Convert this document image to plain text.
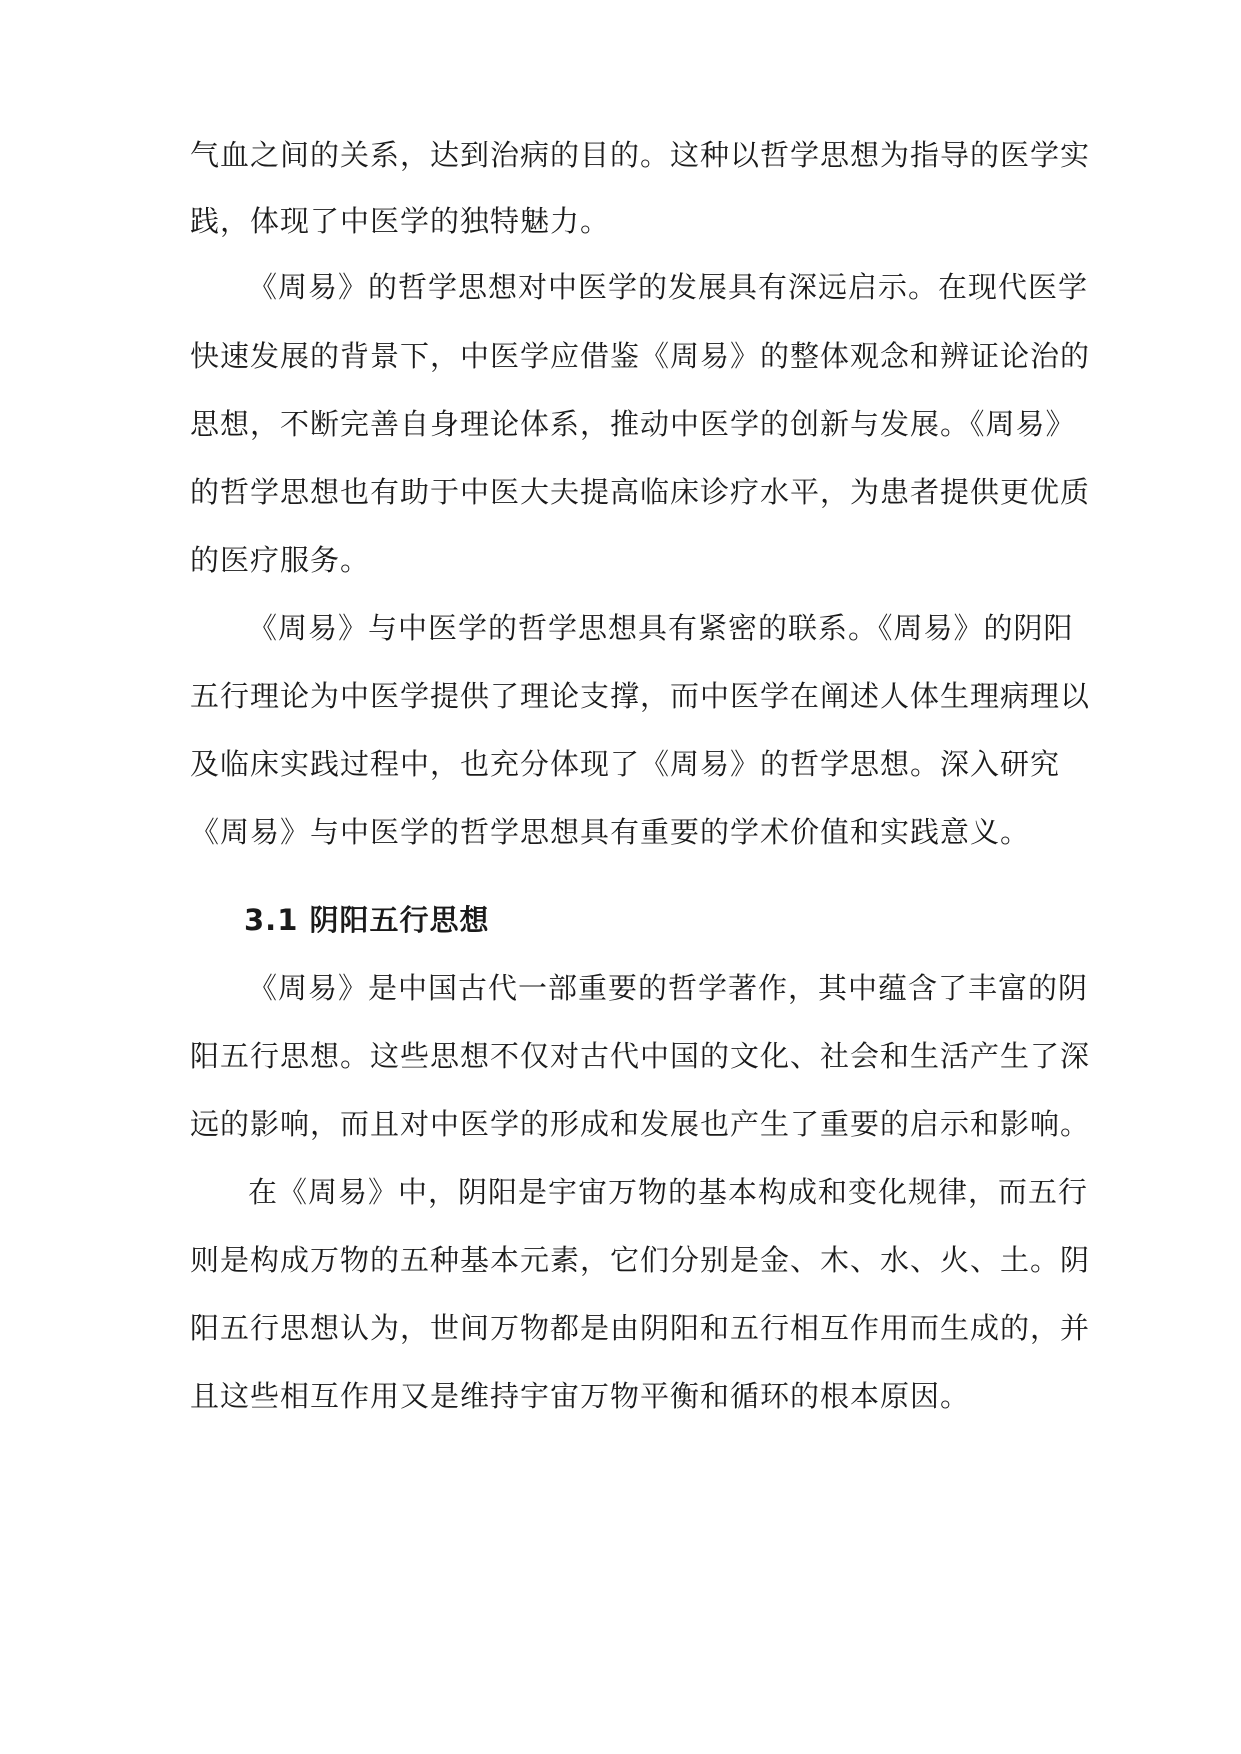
气血之间的关系，达到治病的目的。这种以哲学思想为指导的医学实
践，体现了中医学的独特魅力。
《周易》的哲学思想对中医学的发展具有深远启示。在现代医学
快速发展的背景下，中医学应借鉴《周易》的整体观念和辨证论治的
思想，不断完善自身理论体系，推动中医学的创新与发展。《周易》
的哲学思想也有助于中医大夫提高临床诊疗水平，为患者提供更优质
的医疗服务。
《周易》与中医学的哲学思想具有紧密的联系。《周易》的阴阳
五行理论为中医学提供了理论支撑，而中医学在阐述人体生理病理以
及临床实践过程中，也充分体现了《周易》的哲学思想。深入研究
《周易》与中医学的哲学思想具有重要的学术价值和实践意义。
3.1 阴阳五行思想
《周易》是中国古代一部重要的哲学著作，其中蕴含了丰富的阴
阳五行思想。这些思想不仅对古代中国的文化、社会和生活产生了深
远的影响，而且对中医学的形成和发展也产生了重要的启示和影响。
在《周易》中，阴阳是宇宙万物的基本构成和变化规律，而五行
则是构成万物的五种基本元素，它们分别是金、木、水、火、土。阴
阳五行思想认为，世间万物都是由阴阳和五行相互作用而生成的，并
且这些相互作用又是维持宇宙万物平衡和循环的根本原因。
